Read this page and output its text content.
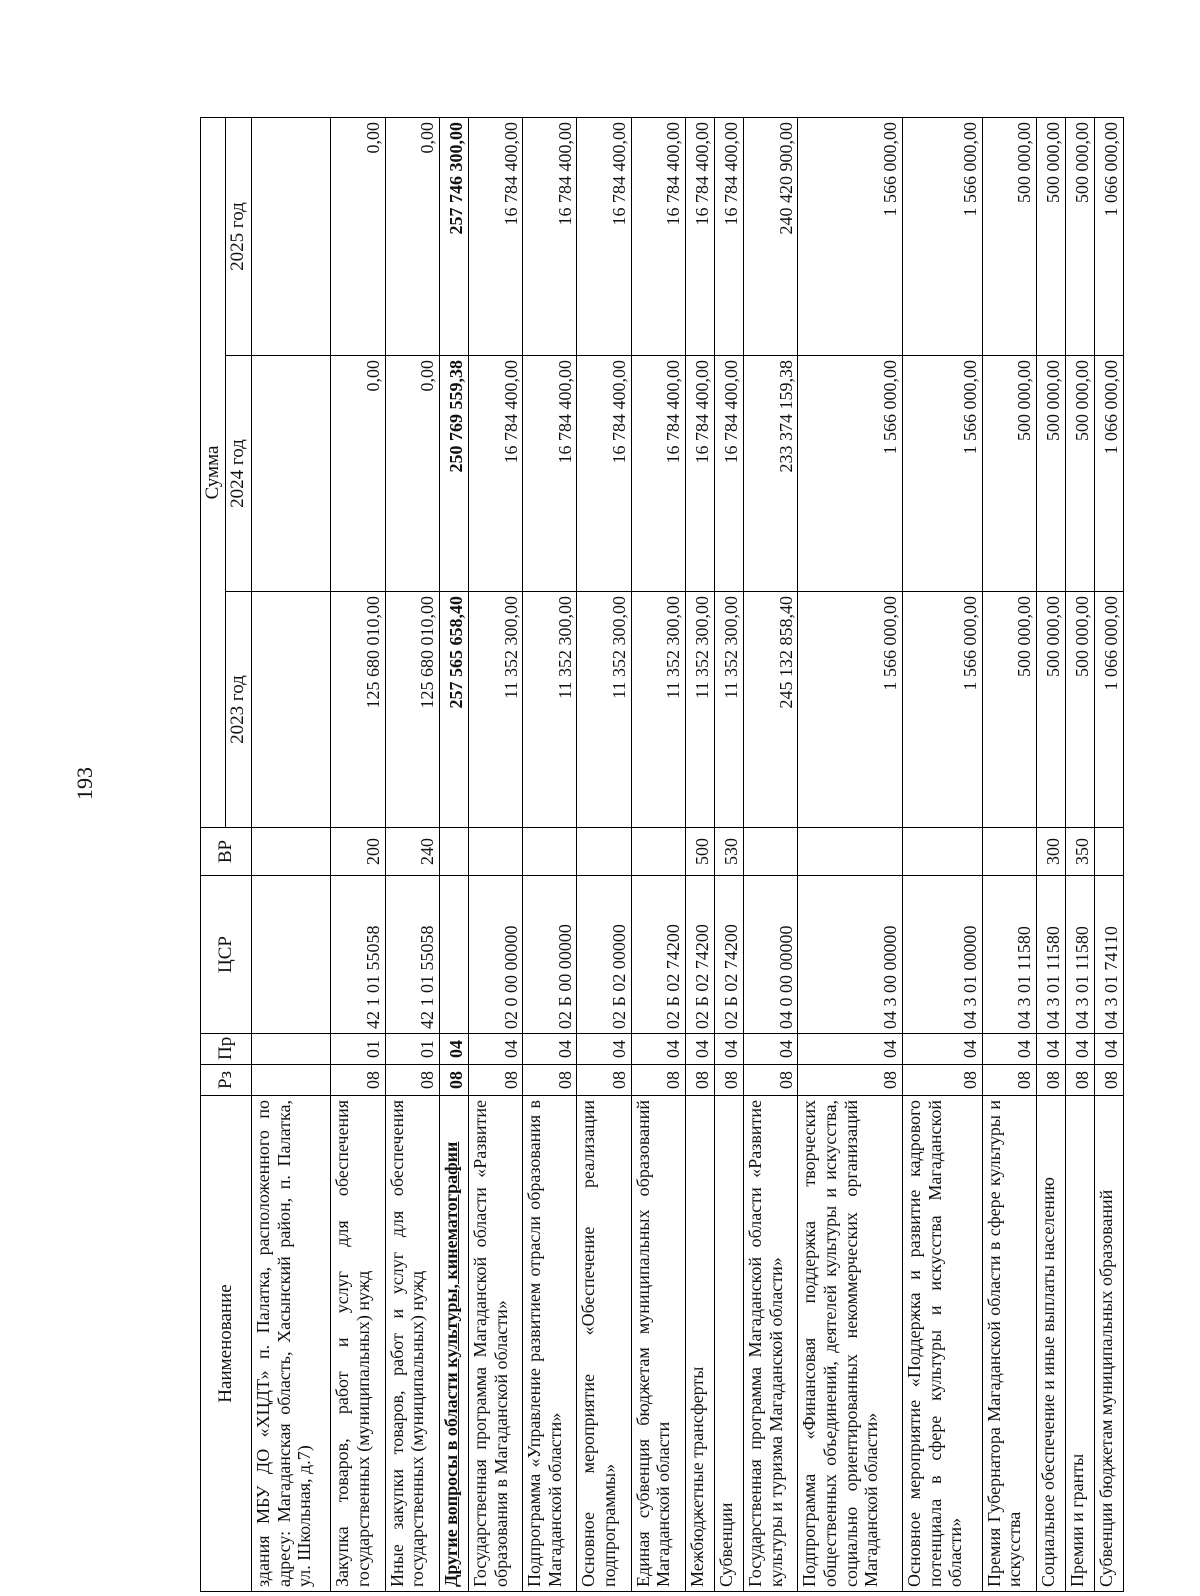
193
Наименование	Рз	Пр	ЦСР	ВР	Сумма		
					2023 год	2024 год	2025 год
здания МБУ ДО «ХЦДТ» п. Палатка, расположенного по адресу: Магаданская область, Хасынский район, п. Палатка, ул. Школьная, д.7)							
Закупка товаров, работ и услуг для обеспечения государственных (муниципальных) нужд	08	01	42 1 01 55058	200	125 680 010,00	0,00	0,00
Иные закупки товаров, работ и услуг для обеспечения государственных (муниципальных) нужд	08	01	42 1 01 55058	240	125 680 010,00	0,00	0,00
Другие вопросы в области культуры, кинематографии	08	04			257 565 658,40	250 769 559,38	257 746 300,00
Государственная программа Магаданской области «Развитие образования в Магаданской области»	08	04	02 0 00 00000		11 352 300,00	16 784 400,00	16 784 400,00
Подпрограмма «Управление развитием отрасли образования в Магаданской области»	08	04	02 Б 00 00000		11 352 300,00	16 784 400,00	16 784 400,00
Основное мероприятие «Обеспечение реализации подпрограммы»	08	04	02 Б 02 00000		11 352 300,00	16 784 400,00	16 784 400,00
Единая субвенция бюджетам муниципальных образований Магаданской области	08	04	02 Б 02 74200		11 352 300,00	16 784 400,00	16 784 400,00
Межбюджетные трансферты	08	04	02 Б 02 74200	500	11 352 300,00	16 784 400,00	16 784 400,00
Субвенции	08	04	02 Б 02 74200	530	11 352 300,00	16 784 400,00	16 784 400,00
Государственная программа Магаданской области «Развитие культуры и туризма Магаданской области»	08	04	04 0 00 00000		245 132 858,40	233 374 159,38	240 420 900,00
Подпрограмма «Финансовая поддержка творческих общественных объединений, деятелей культуры и искусства, социально ориентированных некоммерческих организаций Магаданской области»	08	04	04 3 00 00000		1 566 000,00	1 566 000,00	1 566 000,00
Основное мероприятие «Поддержка и развитие кадрового потенциала в сфере культуры и искусства Магаданской области»	08	04	04 3 01 00000		1 566 000,00	1 566 000,00	1 566 000,00
Премия Губернатора Магаданской области в сфере культуры и искусства	08	04	04 3 01 11580		500 000,00	500 000,00	500 000,00
Социальное обеспечение и иные выплаты населению	08	04	04 3 01 11580	300	500 000,00	500 000,00	500 000,00
Премии и гранты	08	04	04 3 01 11580	350	500 000,00	500 000,00	500 000,00
Субвенции бюджетам муниципальных образований	08	04	04 3 01 74110		1 066 000,00	1 066 000,00	1 066 000,00
